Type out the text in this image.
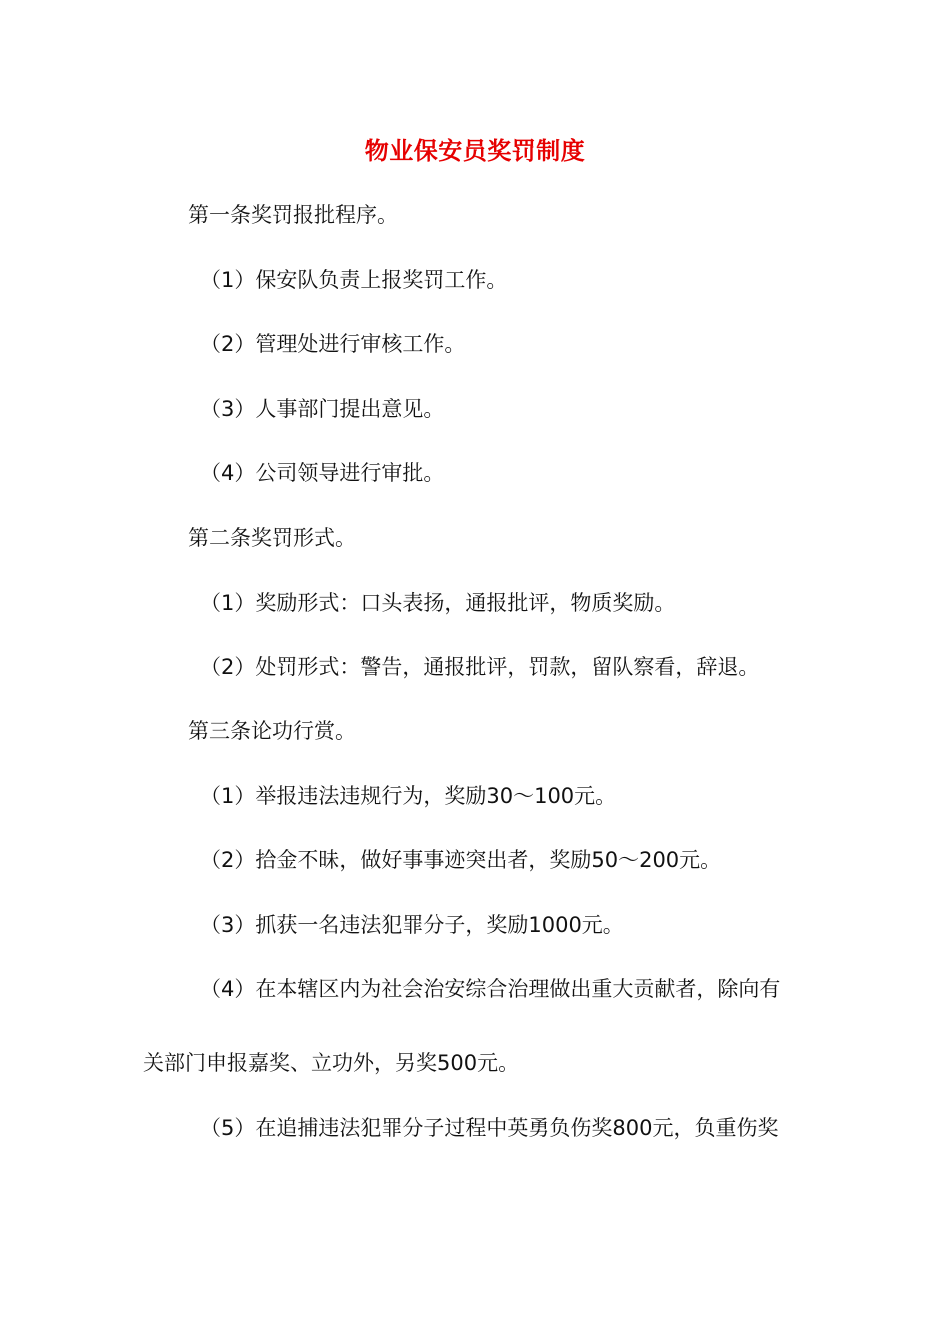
物业保安员奖罚制度
第一条奖罚报批程序。
（1）保安队负责上报奖罚工作。
（2）管理处进行审核工作。
（3）人事部门提出意见。
（4）公司领导进行审批。
第二条奖罚形式。
（1）奖励形式：口头表扬，通报批评，物质奖励。
（2）处罚形式：警告，通报批评，罚款，留队察看，辞退。
第三条论功行赏。
（1）举报违法违规行为，奖励30～100元。
（2）拾金不昧，做好事事迹突出者，奖励50～200元。
（3）抓获一名违法犯罪分子，奖励1000元。
（4）在本辖区内为社会治安综合治理做出重大贡献者，除向有
关部门申报嘉奖、立功外，另奖500元。
（5）在追捕违法犯罪分子过程中英勇负伤奖800元，负重伤奖
